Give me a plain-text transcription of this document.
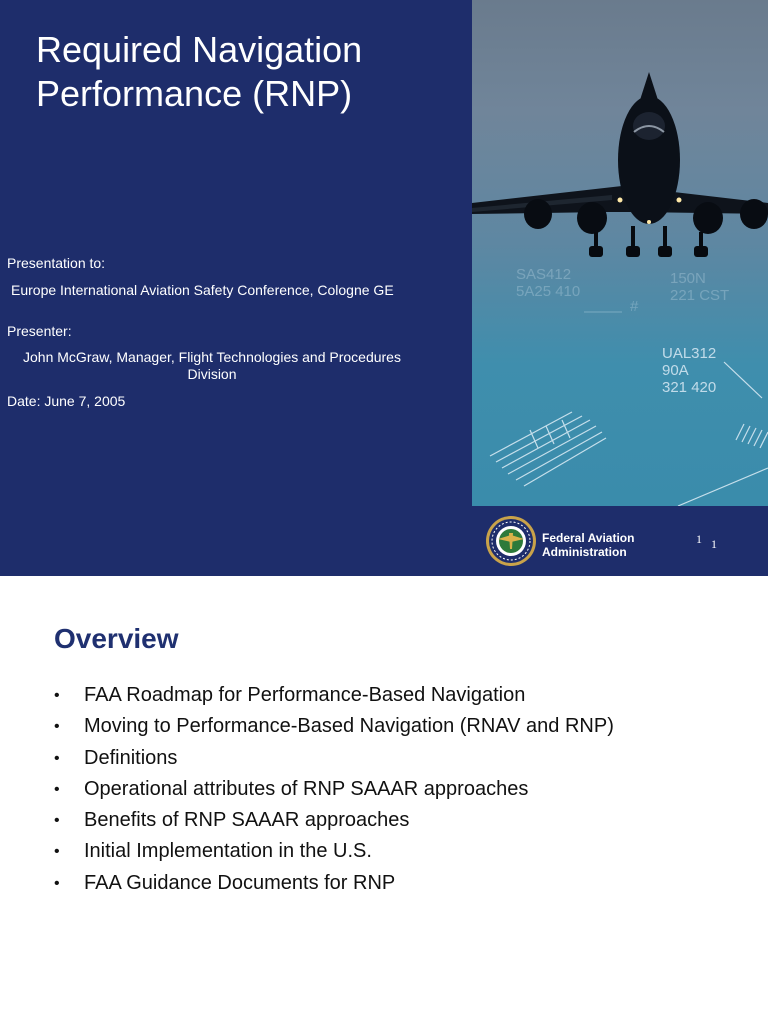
Required Navigation
Performance (RNP)
Presentation to:
Europe International Aviation Safety Conference, Cologne GE
Presenter:
John McGraw, Manager, Flight Technologies and Procedures
Division
Date: June 7, 2005
SAS412
5A25 410
150N
221 CST
#
UAL312
90A
321 420
Federal Aviation
Administration
1 1
Overview
• FAA Roadmap for Performance-Based Navigation
• Moving to Performance-Based Navigation (RNAV and RNP)
• Definitions
• Operational attributes of RNP SAAAR approaches
• Benefits of RNP SAAAR approaches
• Initial Implementation in the U.S.
• FAA Guidance Documents for RNP
